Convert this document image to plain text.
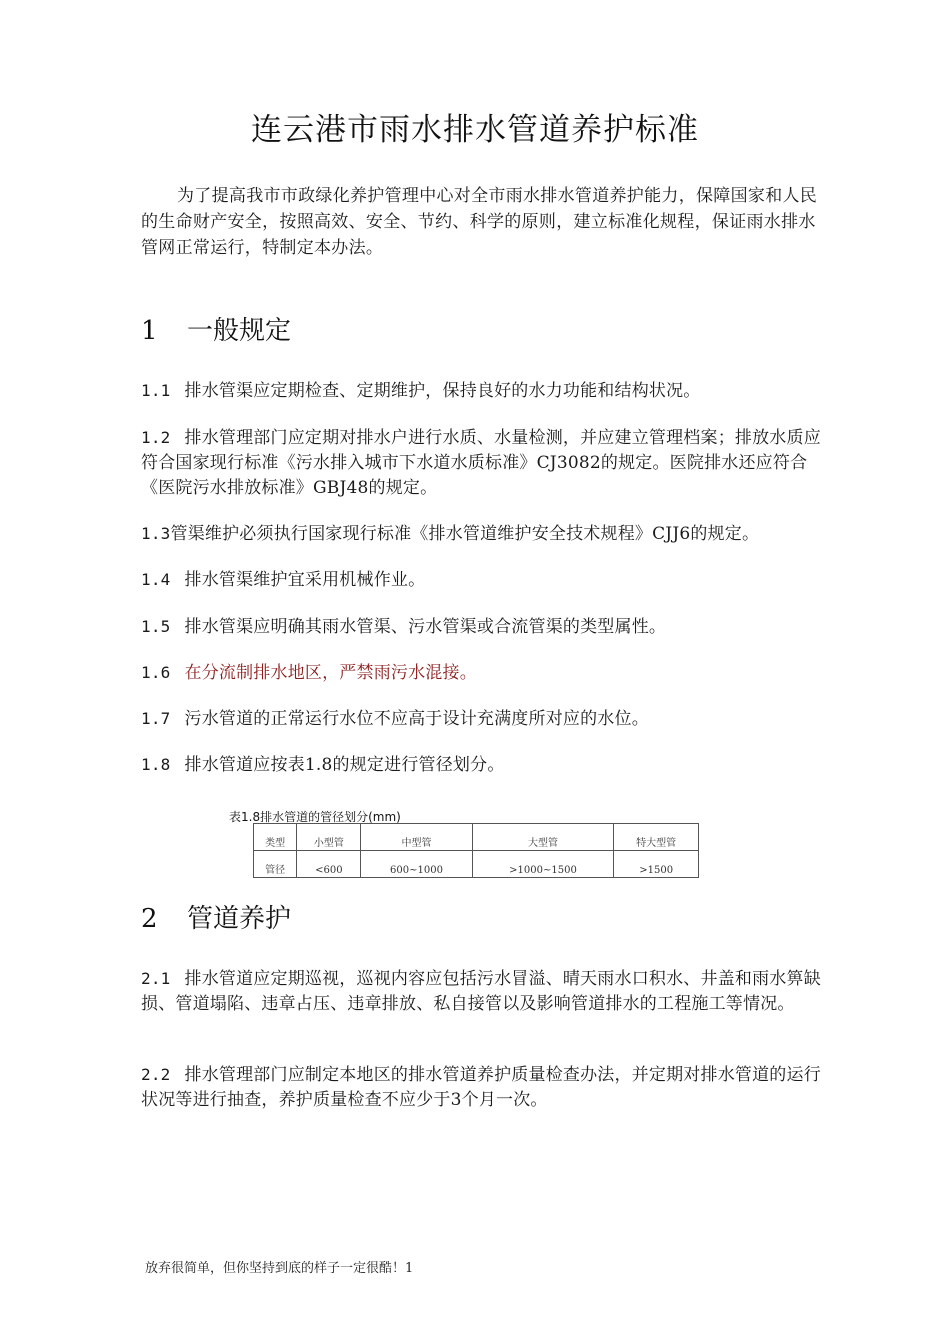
连云港市雨水排水管道养护标准
为了提高我市市政绿化养护管理中心对全市雨水排水管道养护能力，保障国家和人民的生命财产安全，按照高效、安全、节约、科学的原则，建立标准化规程，保证雨水排水管网正常运行，特制定本办法。
1 一般规定
1.1 排水管渠应定期检查、定期维护，保持良好的水力功能和结构状况。
1.2 排水管理部门应定期对排水户进行水质、水量检测，并应建立管理档案；排放水质应符合国家现行标准《污水排入城市下水道水质标准》CJ3082的规定。医院排水还应符合《医院污水排放标准》GBJ48的规定。
1.3管渠维护必须执行国家现行标准《排水管道维护安全技术规程》CJJ6的规定。
1.4 排水管渠维护宜采用机械作业。
1.5 排水管渠应明确其雨水管渠、污水管渠或合流管渠的类型属性。
1.6 在分流制排水地区，严禁雨污水混接。
1.7 污水管道的正常运行水位不应高于设计充满度所对应的水位。
1.8 排水管道应按表1.8的规定进行管径划分。
表1.8排水管道的管径划分(mm)
类型	小型管	中型管	大型管	特大型管
管径	<600	600~1000	>1000~1500	>1500
2 管道养护
2.1 排水管道应定期巡视，巡视内容应包括污水冒溢、晴天雨水口积水、井盖和雨水箅缺损、管道塌陷、违章占压、违章排放、私自接管以及影响管道排水的工程施工等情况。
2.2 排水管理部门应制定本地区的排水管道养护质量检查办法，并定期对排水管道的运行状况等进行抽查，养护质量检查不应少于3个月一次。
放弃很简单，但你坚持到底的样子一定很酷！1
